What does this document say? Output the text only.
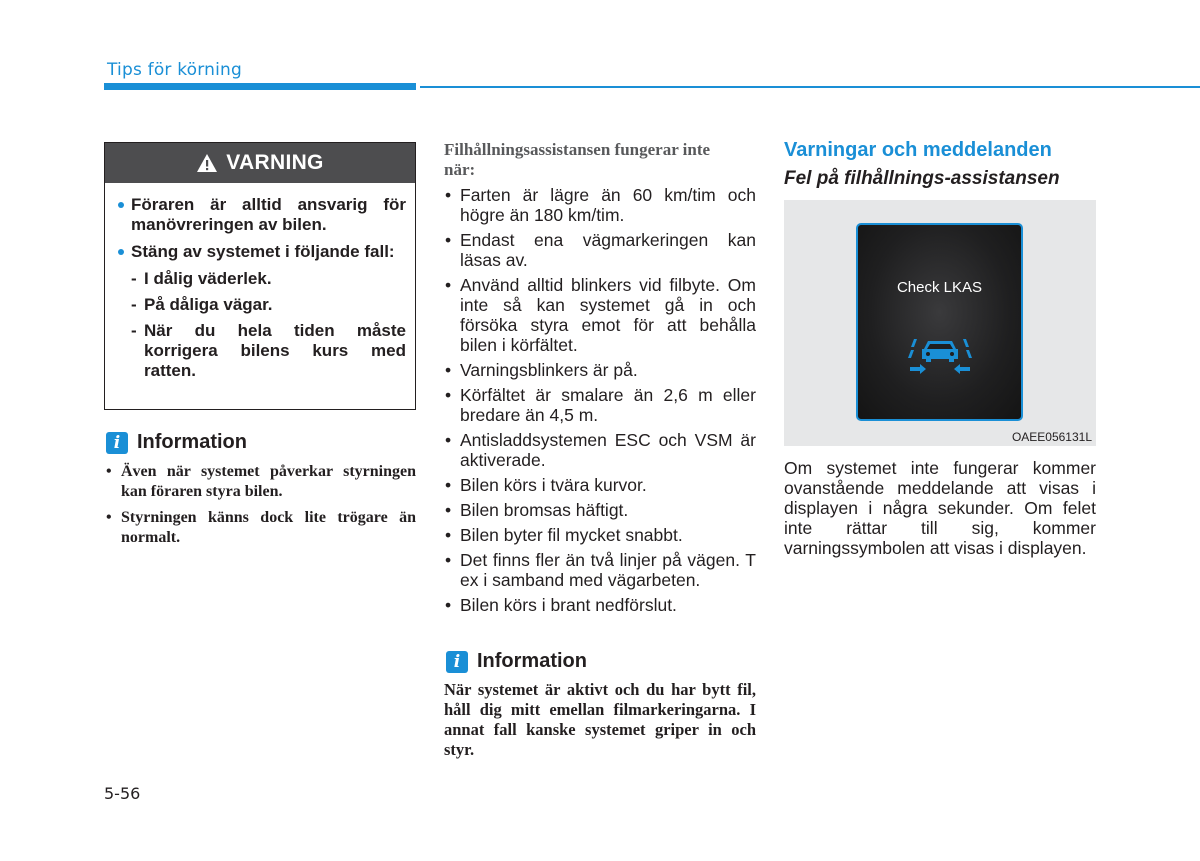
Tips för körning
VARNING
Föraren är alltid ansvarig för manövreringen av bilen.
Stäng av systemet i följande fall:
- I dålig väderlek.
- På dåliga vägar.
- När du hela tiden måste korrigera bilens kurs med ratten.
i Information
• Även när systemet påverkar styrningen kan föraren styra bilen.
• Styrningen känns dock lite trögare än normalt.
Filhållningsassistansen fungerar inte när:
• Farten är lägre än 60 km/tim och högre än 180 km/tim.
• Endast ena vägmarkeringen kan läsas av.
• Använd alltid blinkers vid filbyte. Om inte så kan systemet gå in och försöka styra emot för att behålla bilen i körfältet.
• Varningsblinkers är på.
• Körfältet är smalare än 2,6 m eller bredare än 4,5 m.
• Antisladdsystemen ESC och VSM är aktiverade.
• Bilen körs i tvära kurvor.
• Bilen bromsas häftigt.
• Bilen byter fil mycket snabbt.
• Det finns fler än två linjer på vägen. T ex i samband med vägarbeten.
• Bilen körs i brant nedförslut.
i Information
När systemet är aktivt och du har bytt fil, håll dig mitt emellan filmarkeringarna. I annat fall kanske systemet griper in och styr.
Varningar och meddelanden
Fel på filhållnings-assistansen
Check LKAS
OAEE056131L
Om systemet inte fungerar kommer ovanstående meddelande att visas i displayen i några sekunder. Om felet inte rättar till sig, kommer varningssymbolen att visas i displayen.
5-56
